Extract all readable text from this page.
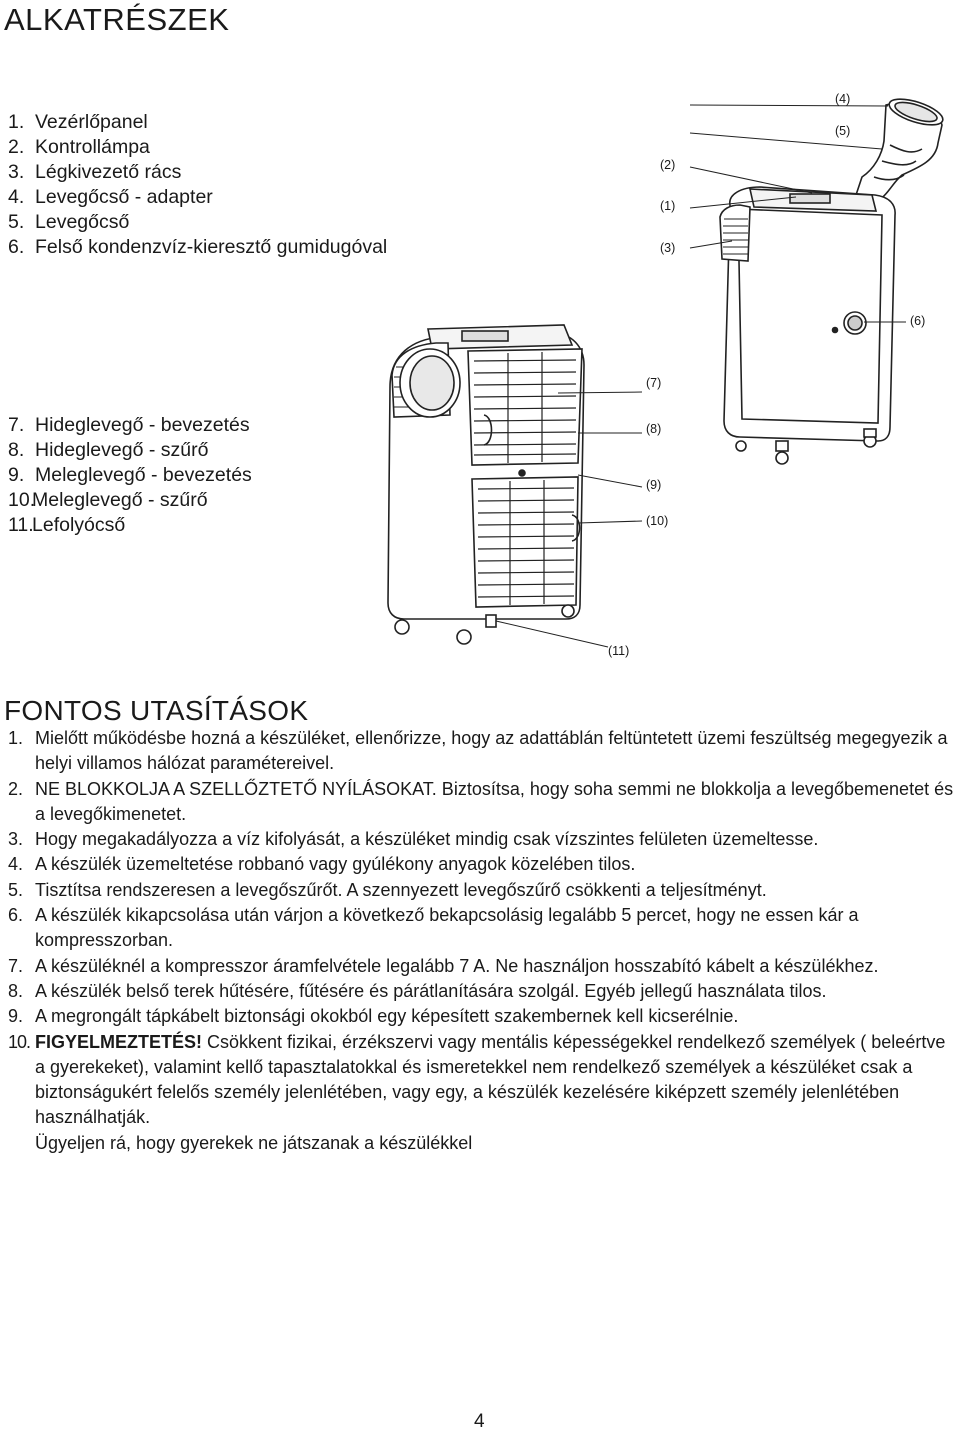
ALKATRÉSZEK
1. Vezérlőpanel
2. Kontrollámpa
3. Légkivezető rács
4. Levegőcső - adapter
5. Levegőcső
6. Felső kondenzvíz-kieresztő gumidugóval
7. Hideglevegő - bevezetés
8. Hideglevegő - szűrő
9. Meleglevegő - bevezetés
10.Meleglevegő - szűrő
11.Lefolyócső
(4)
(5)
(2)
(1)
(3)
(6)
(7)
(8)
(9)
(10)
(11)
FONTOS UTASÍTÁSOK
1. Mielőtt működésbe hozná a készüléket, ellenőrizze, hogy az adattáblán feltüntetett üzemi feszültség megegyezik a helyi villamos hálózat paramétereivel.
2. NE BLOKKOLJA A SZELLŐZTETŐ NYÍLÁSOKAT. Biztosítsa, hogy soha semmi ne blokkolja a levegőbemenetet és a levegőkimenetet.
3. Hogy megakadályozza a víz kifolyását, a készüléket mindig csak vízszintes felületen üzemeltesse.
4. A készülék üzemeltetése robbanó vagy gyúlékony anyagok közelében tilos.
5. Tisztítsa rendszeresen a levegőszűrőt. A szennyezett levegőszűrő csökkenti a teljesítményt.
6. A készülék kikapcsolása után várjon a következő bekapcsolásig legalább 5 percet, hogy ne essen kár a kompresszorban.
7. A készüléknél a kompresszor áramfelvétele legalább 7 A. Ne használjon hosszabító kábelt a készülékhez.
8. A készülék belső terek hűtésére, fűtésére és párátlanítására szolgál. Egyéb jellegű használata tilos.
9. A megrongált tápkábelt biztonsági okokból egy képesített szakembernek kell kicserélnie.
10. FIGYELMEZTETÉS! Csökkent fizikai, érzékszervi vagy mentális képességekkel rendelkező személyek ( beleértve a gyerekeket), valamint kellő tapasztalatokkal és ismeretekkel nem rendelkező személyek a készüléket csak a biztonságukért felelős személy jelenlétében, vagy egy, a készülék kezelésére kiképzett személy jelenlétében használhatják.
Ügyeljen rá, hogy gyerekek ne játszanak a készülékkel
4
